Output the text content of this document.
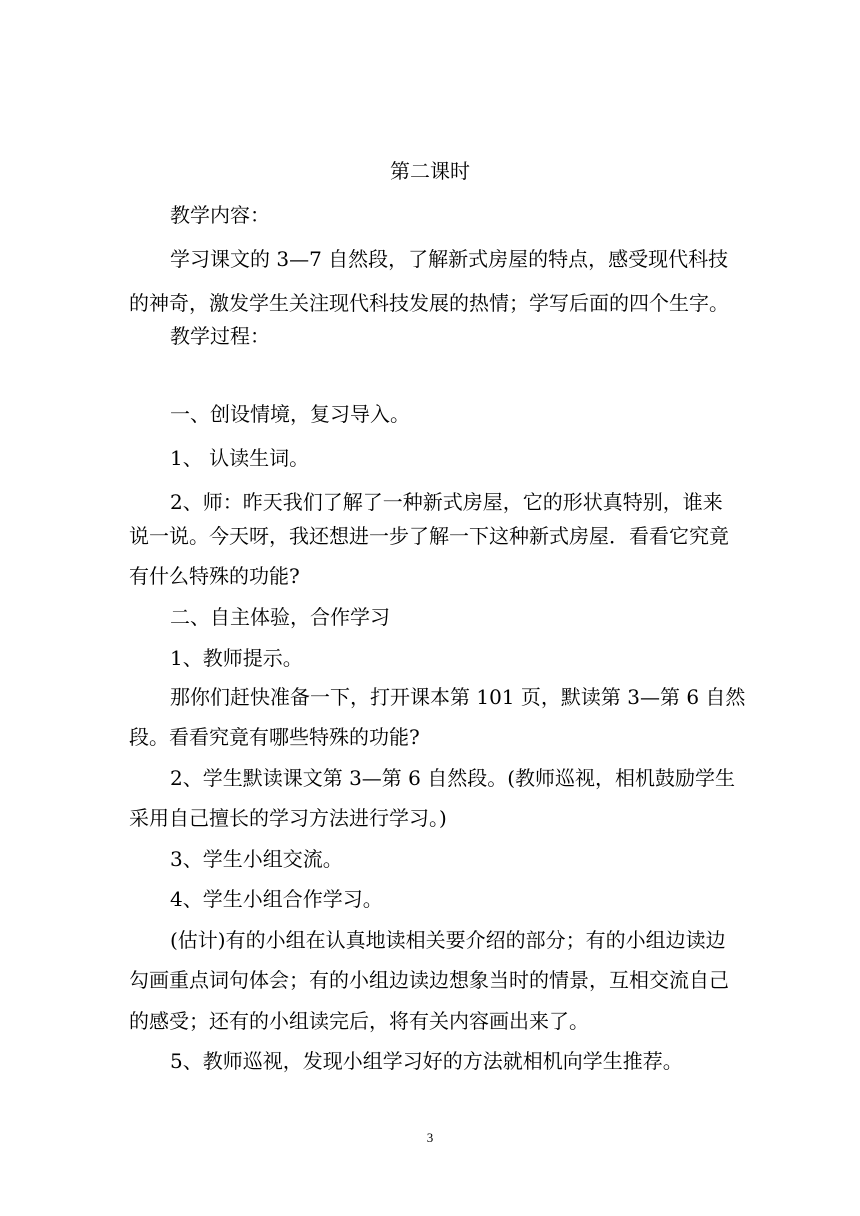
第二课时
教学内容：
学习课文的 3—7 自然段，了解新式房屋的特点，感受现代科技
的神奇，激发学生关注现代科技发展的热情；学写后面的四个生字。
教学过程：
一、创设情境，复习导入。
1、 认读生词。
2、师：昨天我们了解了一种新式房屋，它的形状真特别，谁来
说一说。今天呀，我还想进一步了解一下这种新式房屋．看看它究竟
有什么特殊的功能?
二、自主体验，合作学习
1、教师提示。
那你们赶快准备一下，打开课本第 101 页，默读第 3—第 6 自然
段。看看究竟有哪些特殊的功能?
2、学生默读课文第 3—第 6 自然段。(教师巡视，相机鼓励学生
采用自己擅长的学习方法进行学习。)
3、学生小组交流。
4、学生小组合作学习。
(估计)有的小组在认真地读相关要介绍的部分；有的小组边读边
勾画重点词句体会；有的小组边读边想象当时的情景，互相交流自己
的感受；还有的小组读完后，将有关内容画出来了。
5、教师巡视，发现小组学习好的方法就相机向学生推荐。
3
